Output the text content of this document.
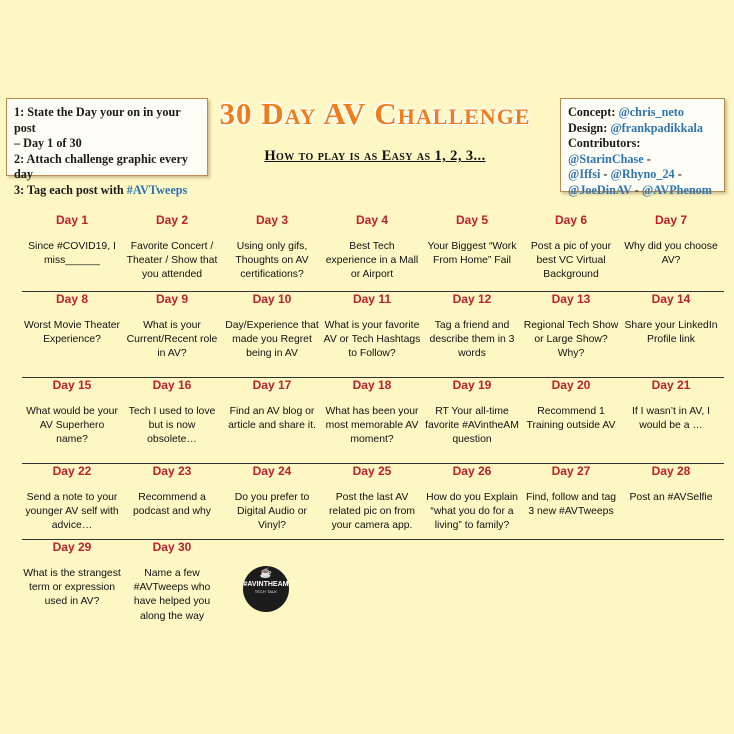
1: State the Day your on in your post
– Day 1 of 30
2: Attach challenge graphic every day
3: Tag each post with #AVTweeps
30 Day AV Challenge
How to play is as Easy as 1, 2, 3...
Concept: @chris_neto
Design: @frankpadikkala
Contributors: @StarinChase -
@Iffsi - @Rhyno_24 -
@JoeDinAV - @AVPhenom
Day 1
Since #COVID19, I miss______
Day 2
Favorite Concert / Theater / Show that you attended
Day 3
Using only gifs, Thoughts on AV certifications?
Day 4
Best Tech experience in a Mall or Airport
Day 5
Your Biggest “Work From Home” Fail
Day 6
Post a pic of your best VC Virtual Background
Day 7
Why did you choose AV?
Day 8
Worst Movie Theater Experience?
Day 9
What is your Current/Recent role in AV?
Day 10
Day/Experience that made you Regret being in AV
Day 11
What is your favorite AV or Tech Hashtags to Follow?
Day 12
Tag a friend and describe them in 3 words
Day 13
Regional Tech Show or Large Show? Why?
Day 14
Share your LinkedIn Profile link
Day 15
What would be your AV Superhero name?
Day 16
Tech I used to love but is now obsolete…
Day 17
Find an AV blog or article and share it.
Day 18
What has been your most memorable AV moment?
Day 19
RT Your all-time favorite #AVintheAM question
Day 20
Recommend 1 Training outside AV
Day 21
If I wasn’t in AV, I would be a …
Day 22
Send a note to your younger AV self with advice…
Day 23
Recommend a podcast and why
Day 24
Do you prefer to Digital Audio or Vinyl?
Day 25
Post the last AV related pic on from your camera app.
Day 26
How do you Explain “what you do for a living” to family?
Day 27
Find, follow and tag 3 new #AVTweeps
Day 28
Post an #AVSelfie
Day 29
What is the strangest term or expression used in AV?
Day 30
Name a few #AVTweeps who have helped you along the way
☕
#AVINTHEAM
TECH TALK
